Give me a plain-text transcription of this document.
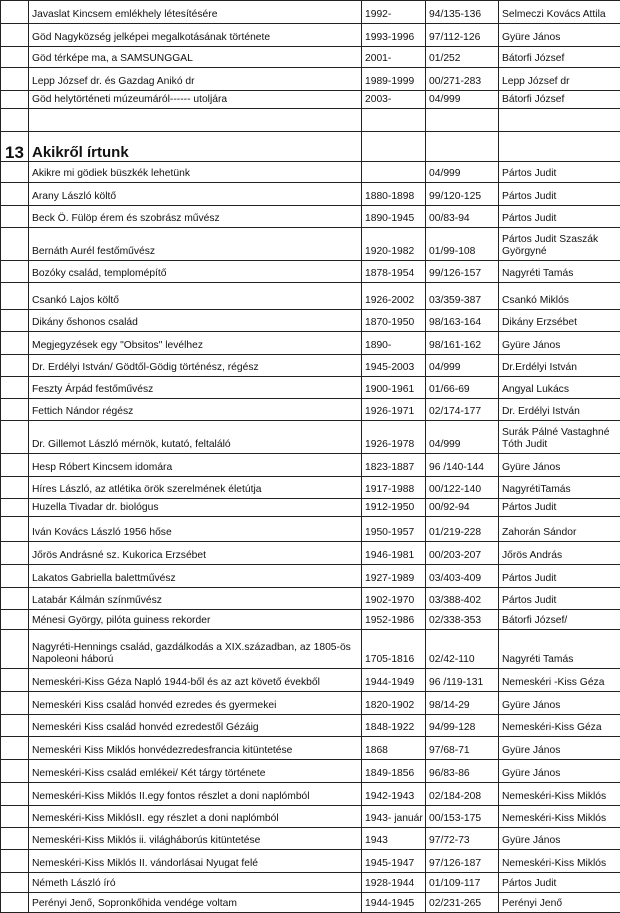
	Javaslat Kincsem emlékhely létesítésére	1992-	94/135-136	Selmeczi Kovács Attila
	Göd Nagyközség jelképei megalkotásának története	1993-1996	97/112-126	Gyüre János
	Göd térképe ma, a SAMSUNGGAL	2001-	01/252	Bátorfi József
	Lepp József dr. és Gazdag Anikó dr	1989-1999	00/271-283	Lepp József dr
	Göd helytörténeti múzeumáról------ utoljára	2003-	04/999	Bátorfi József

13	Akikről írtunk			
	Akikre mi gödiek büszkék lehetünk		04/999	Pártos Judit
	Arany László költő	1880-1898	99/120-125	Pártos Judit
	Beck Ö. Fülöp érem és szobrász művész	1890-1945	00/83-94	Pártos Judit
	Bernáth Aurél festőművész	1920-1982	01/99-108	Pártos Judit Szaszák Györgyné
	Bozóky család, templomépítő	1878-1954	99/126-157	Nagyréti Tamás
	Csankó Lajos költő	1926-2002	03/359-387	Csankó Miklós
	Dikány őshonos család	1870-1950	98/163-164	Dikány Erzsébet
	Megjegyzések egy "Obsitos" levélhez	1890-	98/161-162	Gyüre János
	Dr. Erdélyi István/ Gödtől-Gödig történész, régész	1945-2003	04/999	Dr.Erdélyi István
	Feszty Árpád festőművész	1900-1961	01/66-69	Angyal Lukács
	Fettich Nándor régész	1926-1971	02/174-177	Dr. Erdélyi István
	Dr. Gillemot László mérnök, kutató, feltaláló	1926-1978	04/999	Surák Pálné Vastaghné Tóth Judit
	Hesp Róbert Kincsem idomára	1823-1887	96 /140-144	Gyüre János
	Híres László, az atlétika örök szerelmének életútja	1917-1988	00/122-140	NagyrétiTamás
	Huzella Tivadar dr. biológus	1912-1950	00/92-94	Pártos Judit
	Iván Kovács László 1956 hőse	1950-1957	01/219-228	Zahorán Sándor
	Jőrös Andrásné sz. Kukorica Erzsébet	1946-1981	00/203-207	Jőrös András
	Lakatos Gabriella balettművész	1927-1989	03/403-409	Pártos Judit
	Latabár Kálmán színművész	1902-1970	03/388-402	Pártos Judit
	Ménesi György, pilóta guiness rekorder	1952-1986	02/338-353	Bátorfi József/
	Nagyréti-Hennings család, gazdálkodás a XIX.században, az 1805-ös Napoleoni háború	1705-1816	02/42-110	Nagyréti Tamás
	Nemeskéri-Kiss Géza Napló 1944-ből és az azt követő évekből	1944-1949	96 /119-131	Nemeskéri -Kiss Géza
	Nemeskéri Kiss család honvéd ezredes és gyermekei	1820-1902	98/14-29	Gyüre János
	Nemeskéri Kiss család honvéd ezredestől Gézáig	1848-1922	94/99-128	Nemeskéri-Kiss Géza
	Nemeskéri Kiss Miklós honvédezredesfrancia kitüntetése	1868	97/68-71	Gyüre János
	Nemeskéri-Kiss család emlékei/ Két tárgy története	1849-1856	96/83-86	Gyüre János
	Nemeskéri-Kiss Miklós II.egy fontos részlet a doni naplómból	1942-1943	02/184-208	Nemeskéri-Kiss Miklós
	Nemeskéri-Kiss MiklósII. egy részlet a doni naplómból	1943- január	00/153-175	Nemeskéri-Kiss Miklós
	Nemeskéri-Kiss Miklós ii. világháborús kitüntetése	1943	97/72-73	Gyüre János
	Nemeskéri-Kiss Miklós II. vándorlásai Nyugat felé	1945-1947	97/126-187	Nemeskéri-Kiss Miklós
	Németh László író	1928-1944	01/109-117	Pártos Judit
	Perényi Jenő, Sopronkőhida vendége voltam	1944-1945	02/231-265	Perényi Jenő
